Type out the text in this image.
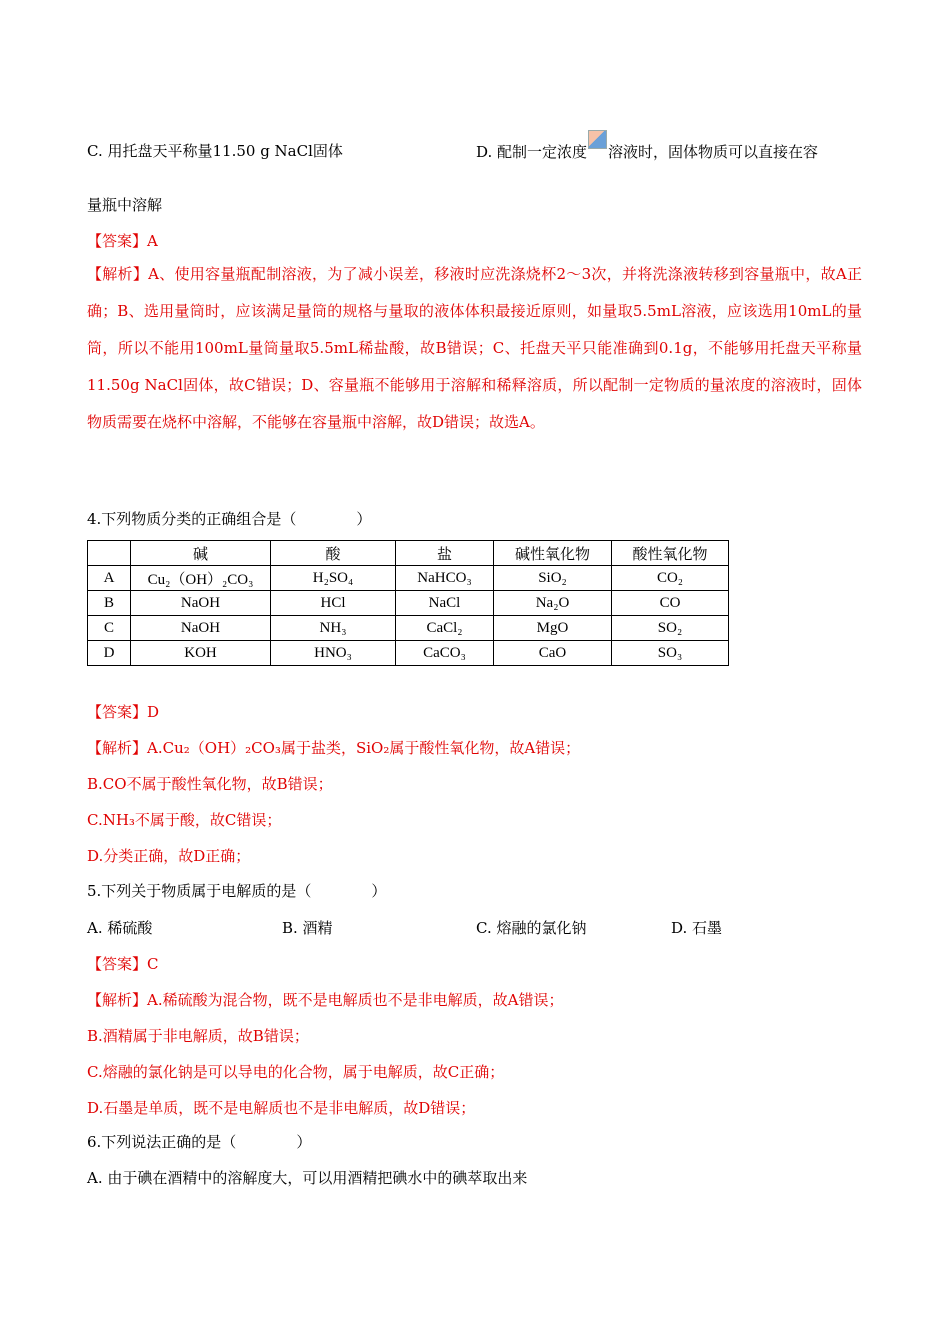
C. 用托盘天平称量11.50 g NaCl固体	D. 配制一定浓度 溶液时，固体物质可以直接在容
量瓶中溶解
【答案】A
【解析】A、使用容量瓶配制溶液，为了减小误差，移液时应洗涤烧杯2～3次，并将洗涤液转移到容量瓶中，故A正确；B、选用量筒时，应该满足量筒的规格与量取的液体体积最接近原则，如量取5.5mL溶液，应该选用10mL的量筒，所以不能用100mL量筒量取5.5mL稀盐酸，故B错误；C、托盘天平只能准确到0.1g，不能够用托盘天平称量11.50g NaCl固体，故C错误；D、容量瓶不能够用于溶解和稀释溶质，所以配制一定物质的量浓度的溶液时，固体物质需要在烧杯中溶解，不能够在容量瓶中溶解，故D错误；故选A。
4.下列物质分类的正确组合是（　　　　）
	碱	酸	盐	碱性氧化物	酸性氧化物
A	Cu₂（OH）₂CO₃	H₂SO₄	NaHCO₃	SiO₂	CO₂
B	NaOH	HCl	NaCl	Na₂O	CO
C	NaOH	NH₃	CaCl₂	MgO	SO₂
D	KOH	HNO₃	CaCO₃	CaO	SO₃
【答案】D
【解析】A.Cu₂（OH）₂CO₃属于盐类，SiO₂属于酸性氧化物，故A错误；
B.CO不属于酸性氧化物，故B错误；
C.NH₃不属于酸，故C错误；
D.分类正确，故D正确；
5.下列关于物质属于电解质的是（　　　　）
A. 稀硫酸	B. 酒精	C. 熔融的氯化钠	D. 石墨
【答案】C
【解析】A.稀硫酸为混合物，既不是电解质也不是非电解质，故A错误；
B.酒精属于非电解质，故B错误；
C.熔融的氯化钠是可以导电的化合物，属于电解质，故C正确；
D.石墨是单质，既不是电解质也不是非电解质，故D错误；
6.下列说法正确的是（　　　　）
A. 由于碘在酒精中的溶解度大，可以用酒精把碘水中的碘萃取出来
